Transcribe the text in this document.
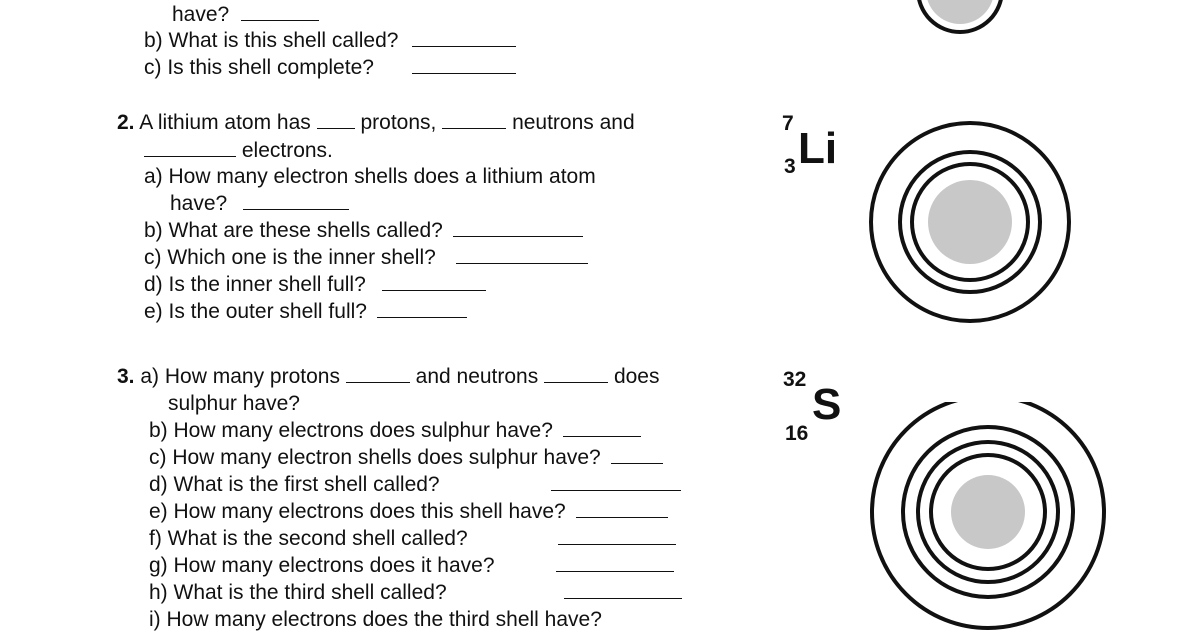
have?
b) What is this shell called?
c) Is this shell complete?
2. A lithium atom has protons,	neutrons and
electrons.
a) How many electron shells does a lithium atom
have?
b) What are these shells called?
c) Which one is the inner shell?
d) Is the inner shell full?
e) Is the outer shell full?
7
Li
3
3. a) How many protons	and neutrons	does
sulphur have?
b) How many electrons does sulphur have?
c) How many electron shells does sulphur have?
d) What is the first shell called?
e) How many electrons does this shell have?
f) What is the second shell called?
g) How many electrons does it have?
h) What is the third shell called?
i) How many electrons does the third shell have?
32
S
16
